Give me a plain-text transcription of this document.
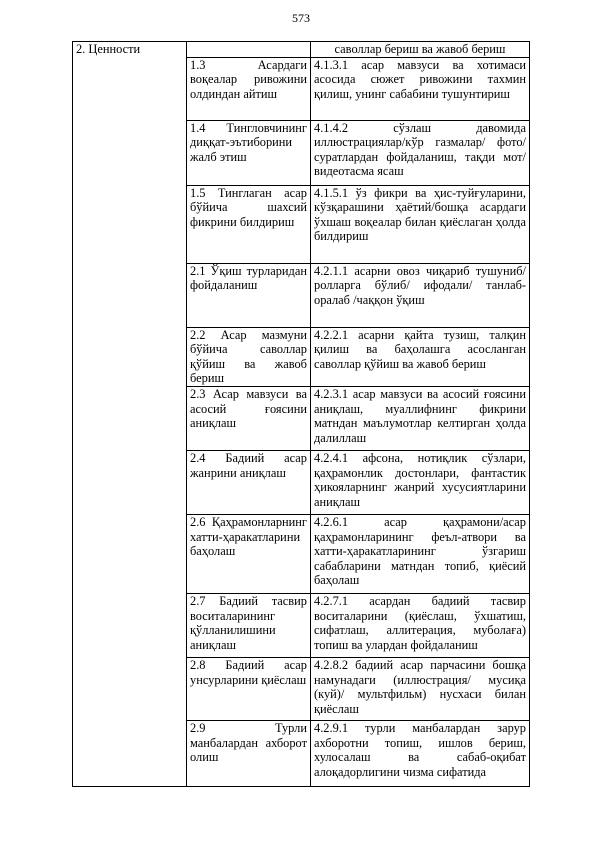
573
2. Ценности		саволлар бериш ва жавоб бериш
	1.3 Асардаги воқеалар ривожини олдиндан айтиш	4.1.3.1 асар мавзуси ва хотимаси асосида сюжет ривожини тахмин қилиш, унинг сабабини тушунтириш
	1.4 Тингловчининг диққат-эътиборини жалб этиш	4.1.4.2 сўзлаш давомида иллюстрациялар/кўр газмалар/ фото/суратлардан фойдаланиш, тақди мот/ видеотасма ясаш
	1.5 Тинглаган асар бўйича шахсий фикрини билдириш	4.1.5.1 ўз фикри ва ҳис-туйғуларини, кўзқарашини ҳаётий/бошқа асардаги ўхшаш воқеалар билан қиёслаган ҳолда билдириш
	2.1 Ўқиш турларидан фойдаланиш	4.2.1.1 асарни овоз чиқариб тушуниб/ ролларга бўлиб/ ифодали/ танлаб-оралаб /чаққон ўқиш
	2.2 Асар мазмуни бўйича саволлар қўйиш ва жавоб бериш	4.2.2.1 асарни қайта тузиш, талқин қилиш ва баҳолашга асосланган саволлар қўйиш ва жавоб бериш
	2.3 Асар мавзуси ва асосий ғоясини аниқлаш	4.2.3.1 асар мавзуси ва асосий ғоясини аниқлаш, муаллифнинг фикрини матндан маълумотлар келтирган ҳолда далиллаш
	2.4 Бадиий асар жанрини аниқлаш	4.2.4.1 афсона, нотиқлик сўзлари, қаҳрамонлик достонлари, фантастик ҳикояларнинг жанрий хусусиятларини аниқлаш
	2.6 Қаҳрамонларнинг хатти-ҳаракатларини баҳолаш	4.2.6.1 асар қаҳрамони/асар қаҳрамонларининг феъл-атвори ва хатти-ҳаракатларининг ўзгариш сабабларини матндан топиб, қиёсий баҳолаш
	2.7 Бадиий тасвир воситаларининг қўлланилишини аниқлаш	4.2.7.1 асардан бадиий тасвир воситаларини (қиёслаш, ўхшатиш, сифатлаш, аллитерация, муболаға) топиш ва улардан фойдаланиш
	2.8 Бадиий асар унсурларини қиёслаш	4.2.8.2 бадиий асар парчасини бошқа намунадаги (иллюстрация/ мусиқа (куй)/ мультфильм) нусхаси билан қиёслаш
	2.9 Турли манбалардан ахборот олиш	4.2.9.1 турли манбалардан зарур ахборотни топиш, ишлов бериш, хулосалаш ва сабаб-оқибат алоқадорлигини чизма сифатида
